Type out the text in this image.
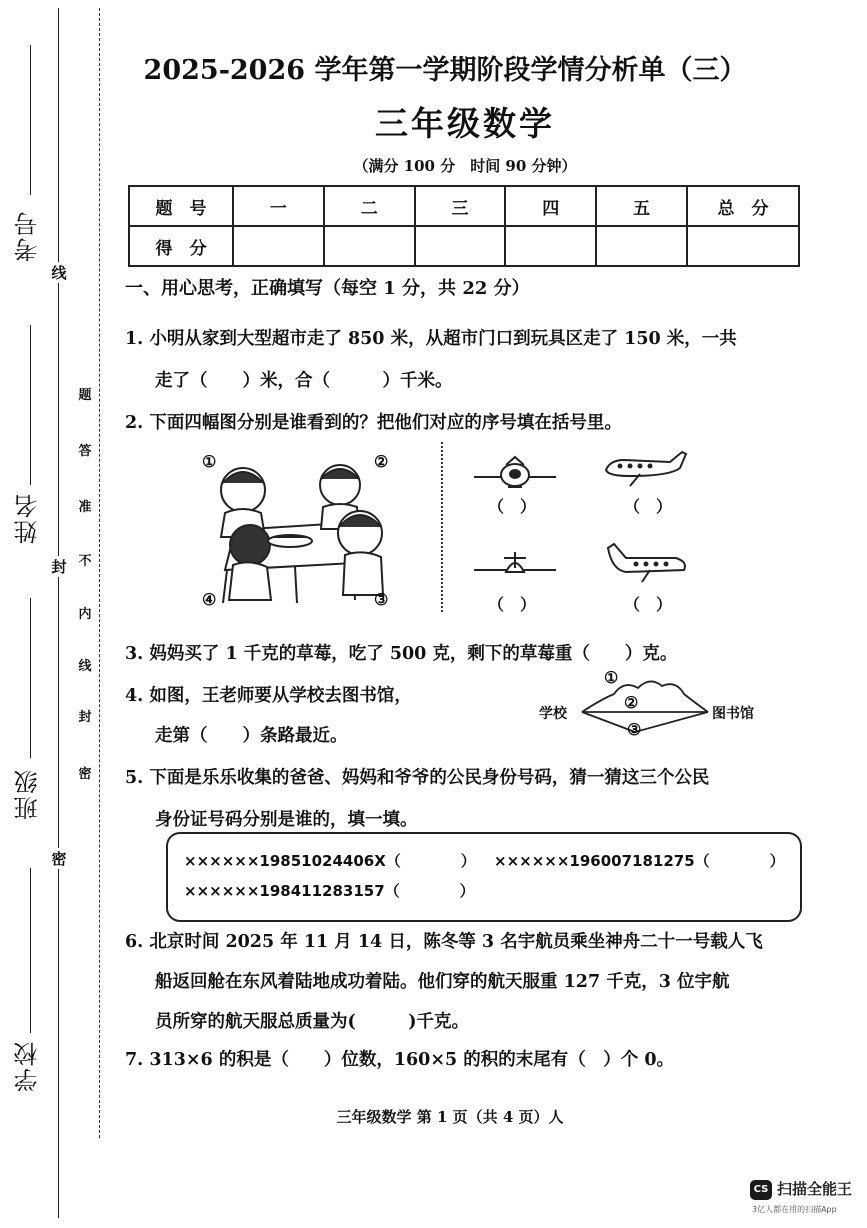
考号
姓名
班级
学校
线
封
密
题
答
准
不
内
线
封
密
2025-2026 学年第一学期阶段学情分析单（三）
三年级数学
（满分 100 分　时间 90 分钟）
题　号	一	二	三	四	五	总　分
得　分						
一、用心思考，正确填写（每空 1 分，共 22 分）
1. 小明从家到大型超市走了 850 米，从超市门口到玩具区走了 150 米，一共
走了（　　）米，合（　　　）千米。
2. 下面四幅图分别是谁看到的？把他们对应的序号填在括号里。
①	②
④	③
（　）	（　）
（　）	（　）
3. 妈妈买了 1 千克的草莓，吃了 500 克，剩下的草莓重（　　）克。
4. 如图，王老师要从学校去图书馆，
走第（　　）条路最近。
学校	图书馆
①
②
③
5. 下面是乐乐收集的爸爸、妈妈和爷爷的公民身份号码，猜一猜这三个公民
身份证号码分别是谁的，填一填。
××××××19851024406X（　　　　） ××××××196007181275（　　　　）
××××××198411283157（　　　　）
6. 北京时间 2025 年 11 月 14 日，陈冬等 3 名宇航员乘坐神舟二十一号载人飞
船返回舱在东风着陆地成功着陆。他们穿的航天服重 127 千克，3 位宇航
员所穿的航天服总质量为(　　　)千克。
7. 313×6 的积是（　　）位数，160×5 的积的末尾有（　）个 0。
三年级数学 第 1 页（共 4 页）人
CS 扫描全能王
3亿人都在用的扫描App
